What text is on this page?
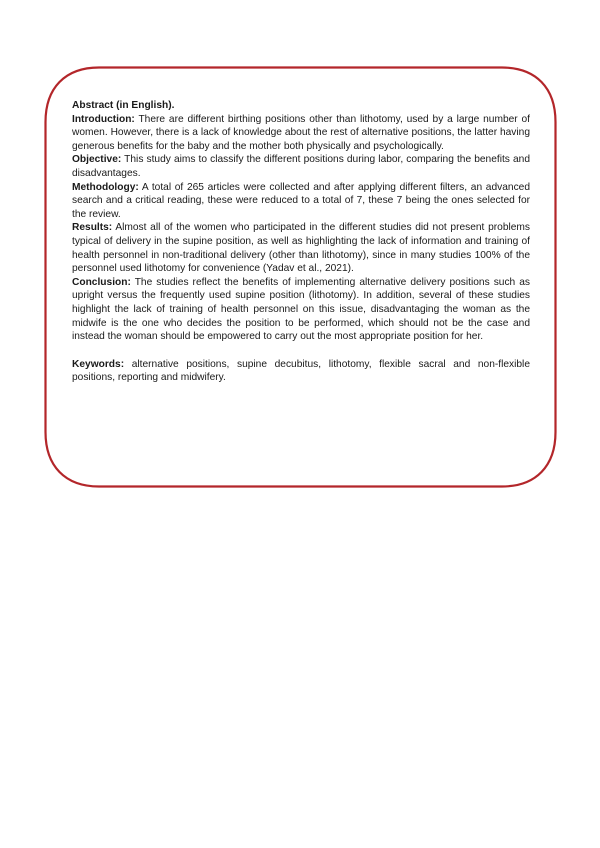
Abstract (in English).

Introduction: There are different birthing positions other than lithotomy, used by a large number of women. However, there is a lack of knowledge about the rest of alternative positions, the latter having generous benefits for the baby and the mother both physically and psychologically.

Objective: This study aims to classify the different positions during labor, comparing the benefits and disadvantages.

Methodology: A total of 265 articles were collected and after applying different filters, an advanced search and a critical reading, these were reduced to a total of 7, these 7 being the ones selected for the review.

Results: Almost all of the women who participated in the different studies did not present problems typical of delivery in the supine position, as well as highlighting the lack of information and training of health personnel in non-traditional delivery (other than lithotomy), since in many studies 100% of the personnel used lithotomy for convenience (Yadav et al., 2021).

Conclusion: The studies reflect the benefits of implementing alternative delivery positions such as upright versus the frequently used supine position (lithotomy). In addition, several of these studies highlight the lack of training of health personnel on this issue, disadvantaging the woman as the midwife is the one who decides the position to be performed, which should not be the case and instead the woman should be empowered to carry out the most appropriate position for her.

Keywords: alternative positions, supine decubitus, lithotomy, flexible sacral and non-flexible positions, reporting and midwifery.
